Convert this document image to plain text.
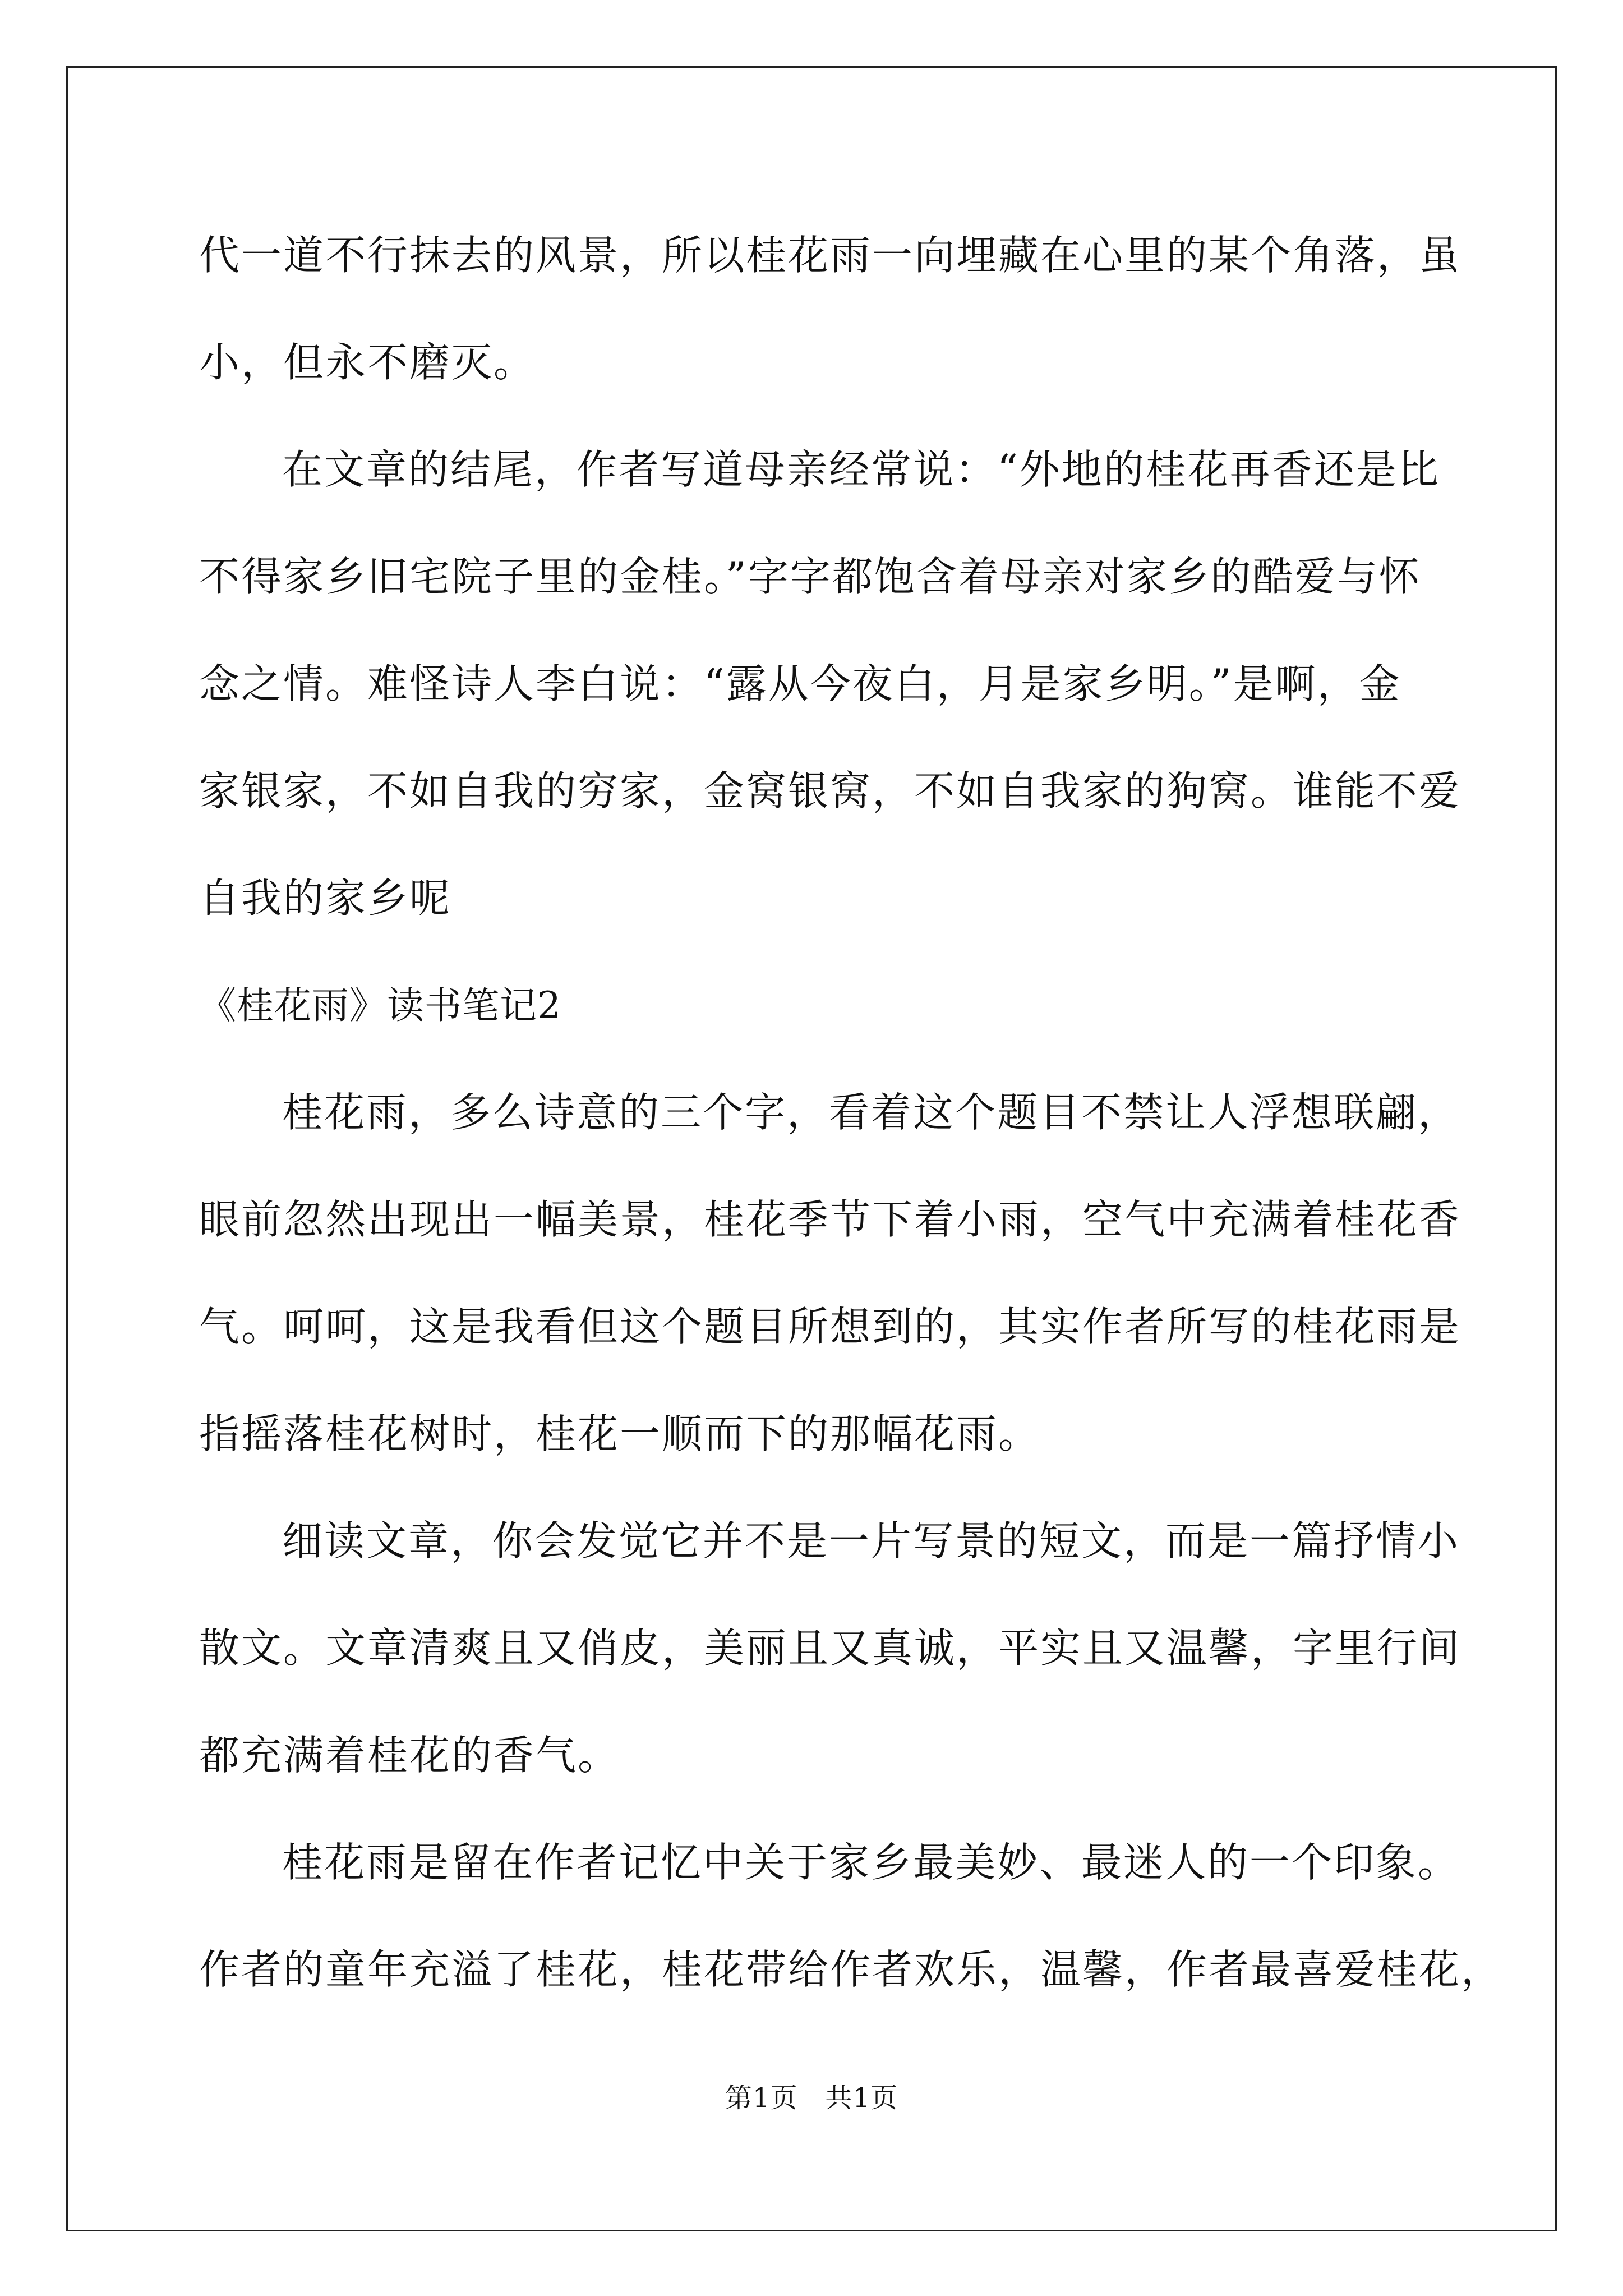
代一道不行抹去的风景，所以桂花雨一向埋藏在心里的某个角落，虽
小，但永不磨灭。
在文章的结尾，作者写道母亲经常说：“外地的桂花再香还是比
不得家乡旧宅院子里的金桂。”字字都饱含着母亲对家乡的酷爱与怀
念之情。难怪诗人李白说：“露从今夜白，月是家乡明。”是啊，金
家银家，不如自我的穷家，金窝银窝，不如自我家的狗窝。谁能不爱
自我的家乡呢
《桂花雨》读书笔记2
桂花雨，多么诗意的三个字，看着这个题目不禁让人浮想联翩，
眼前忽然出现出一幅美景，桂花季节下着小雨，空气中充满着桂花香
气。呵呵，这是我看但这个题目所想到的，其实作者所写的桂花雨是
指摇落桂花树时，桂花一顺而下的那幅花雨。
细读文章，你会发觉它并不是一片写景的短文，而是一篇抒情小
散文。文章清爽且又俏皮，美丽且又真诚，平实且又温馨，字里行间
都充满着桂花的香气。
桂花雨是留在作者记忆中关于家乡最美妙、最迷人的一个印象。
作者的童年充溢了桂花，桂花带给作者欢乐，温馨，作者最喜爱桂花，
第1页　共1页
